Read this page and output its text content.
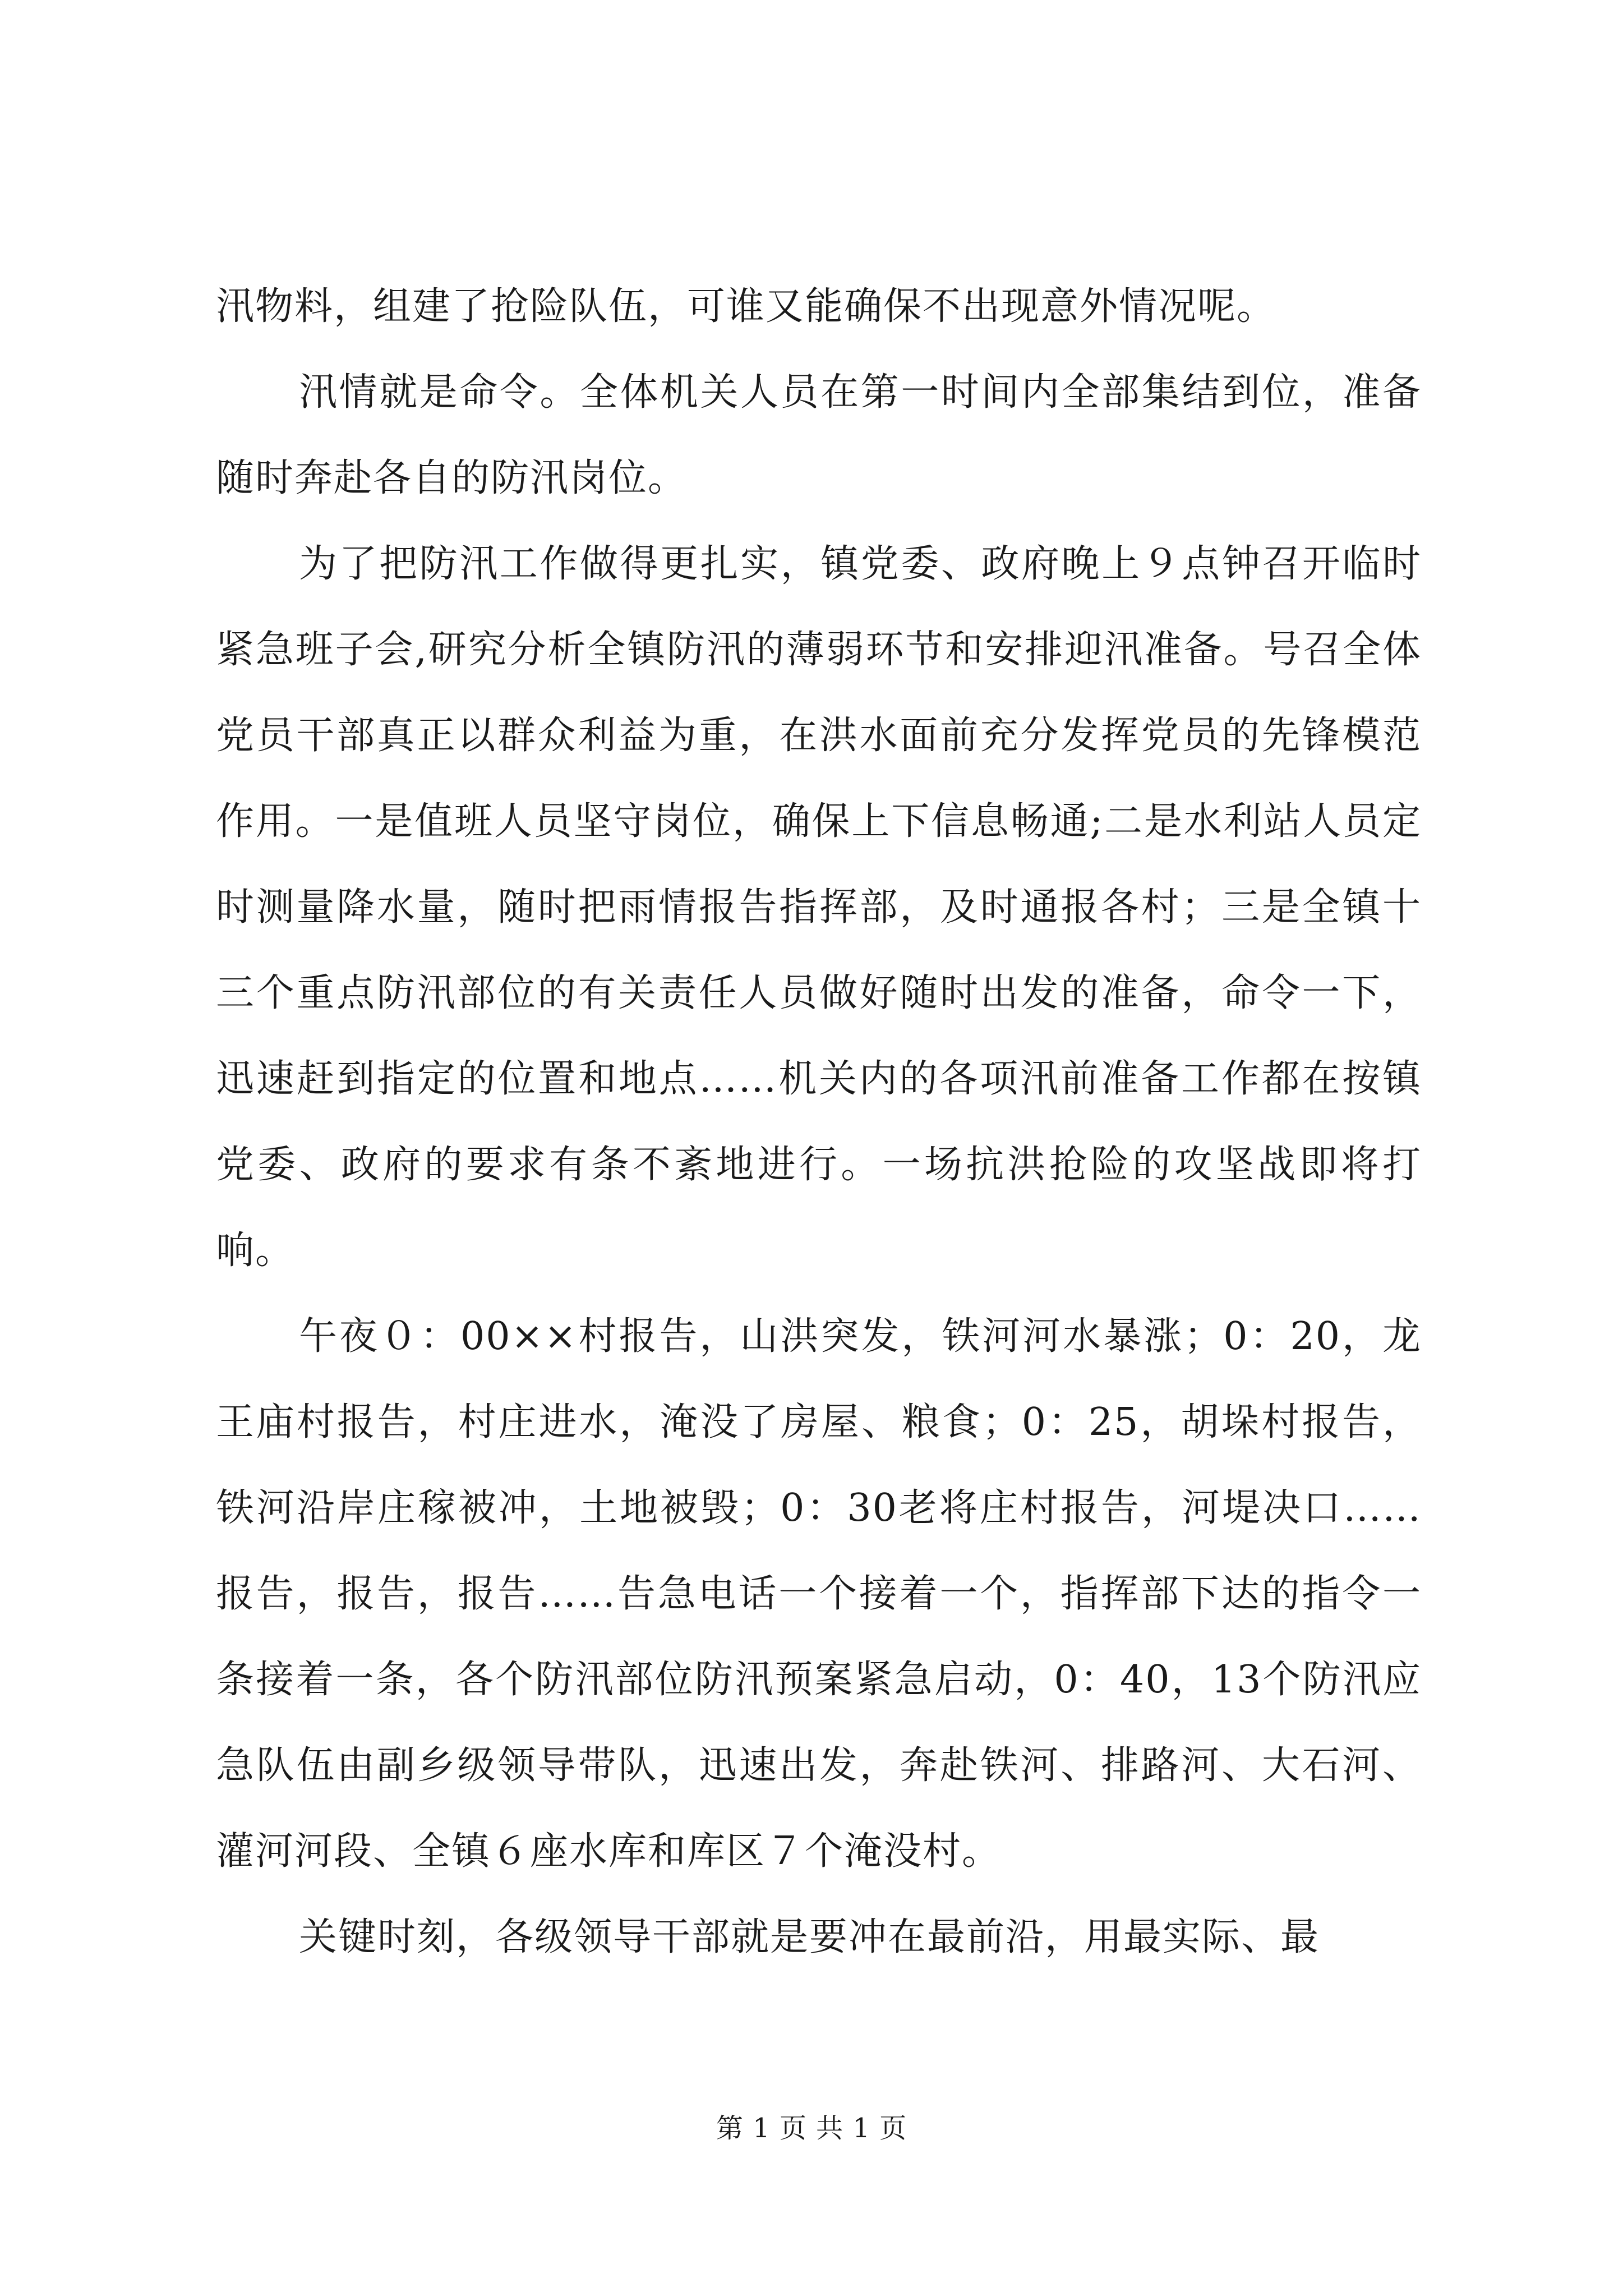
汛物料，组建了抢险队伍，可谁又能确保不出现意外情况呢。

汛情就是命令。全体机关人员在第一时间内全部集结到位，准备随时奔赴各自的防汛岗位。

为了把防汛工作做得更扎实，镇党委、政府晚上９点钟召开临时紧急班子会,研究分析全镇防汛的薄弱环节和安排迎汛准备。号召全体党员干部真正以群众利益为重，在洪水面前充分发挥党员的先锋模范作用。一是值班人员坚守岗位，确保上下信息畅通;二是水利站人员定时测量降水量，随时把雨情报告指挥部，及时通报各村；三是全镇十三个重点防汛部位的有关责任人员做好随时出发的准备，命令一下，迅速赶到指定的位置和地点……机关内的各项汛前准备工作都在按镇党委、政府的要求有条不紊地进行。一场抗洪抢险的攻坚战即将打响。

午夜０：00××村报告，山洪突发，铁河河水暴涨；0：20，龙王庙村报告，村庄进水，淹没了房屋、粮食；0：25，胡垛村报告，铁河沿岸庄稼被冲，土地被毁；0：30老将庄村报告，河堤决口……报告，报告，报告……告急电话一个接着一个，指挥部下达的指令一条接着一条，各个防汛部位防汛预案紧急启动，0：40，13个防汛应急队伍由副乡级领导带队，迅速出发，奔赴铁河、排路河、大石河、灌河河段、全镇６座水库和库区７个淹没村。

关键时刻，各级领导干部就是要冲在最前沿，用最实际、最

第 1 页 共 1 页
